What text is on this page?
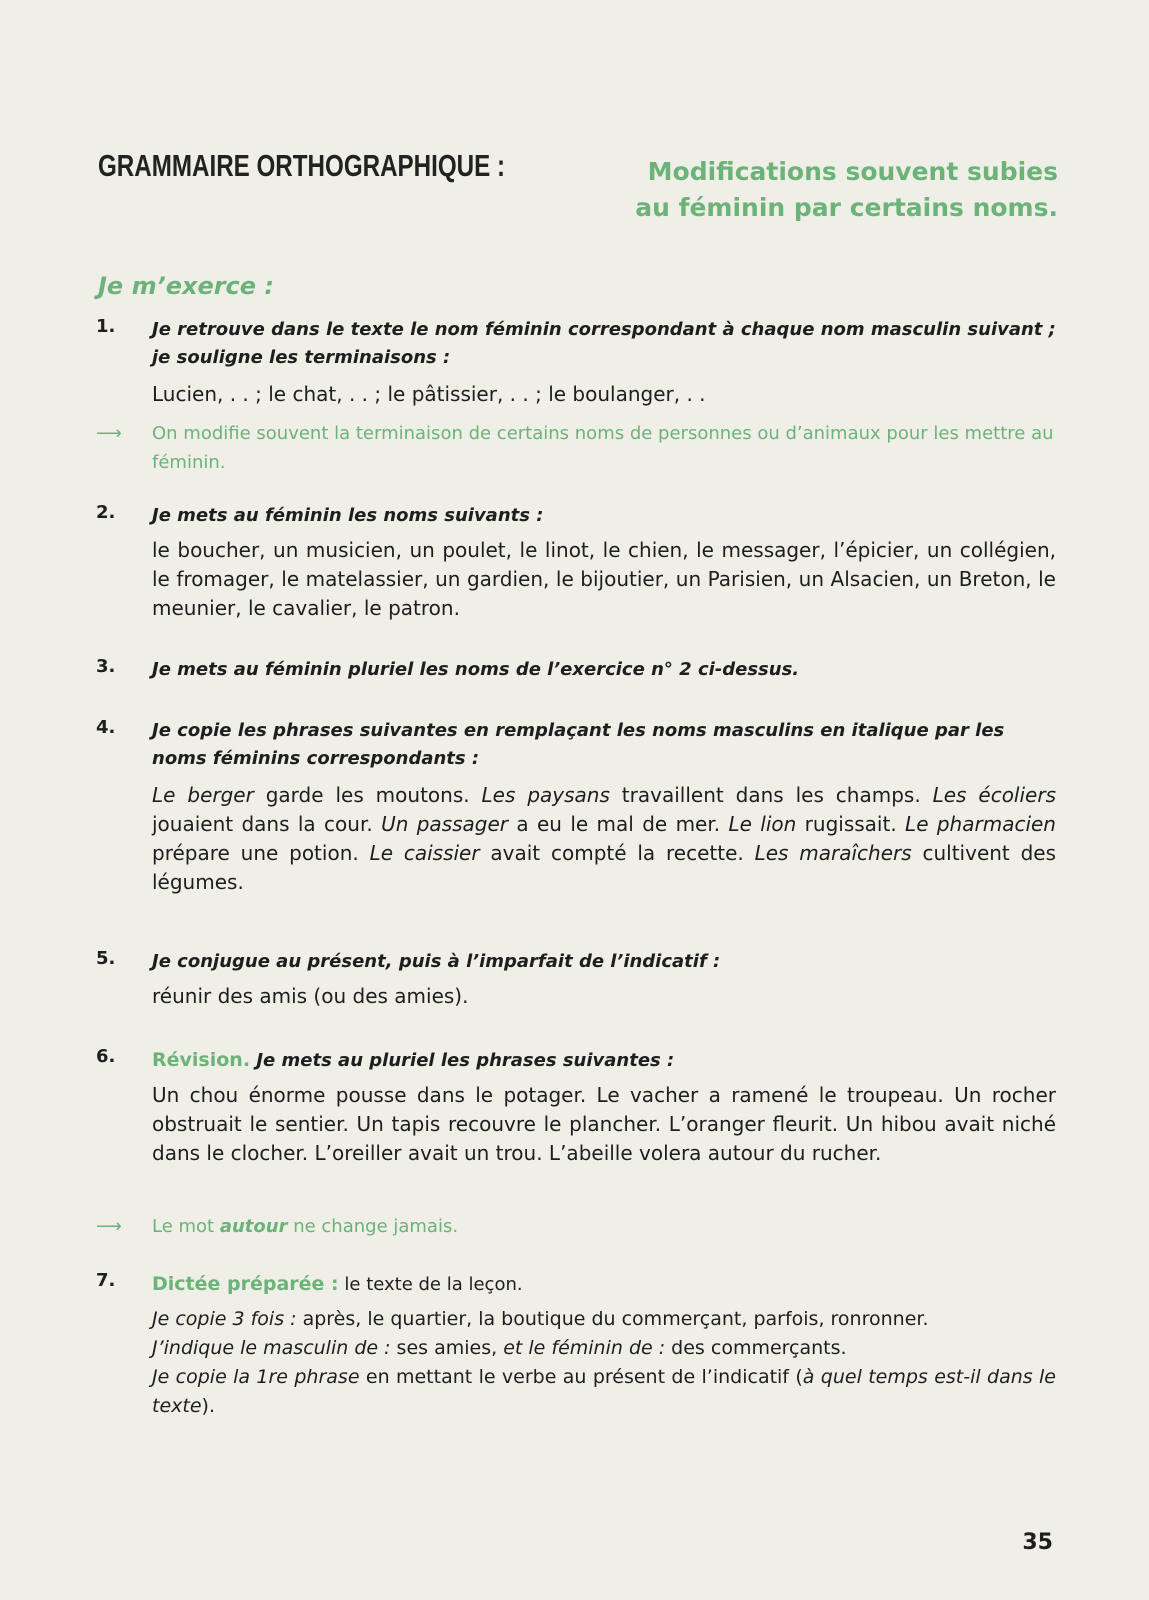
GRAMMAIRE ORTHOGRAPHIQUE :	Modifications souvent subies
au féminin par certains noms.
Je m’exerce :
1. Je retrouve dans le texte le nom féminin correspondant à chaque nom masculin suivant ; je souligne les terminaisons :
Lucien, . . ; le chat, . . ; le pâtissier, . . ; le boulanger, . .
⟶ On modifie souvent la terminaison de certains noms de personnes ou d’animaux pour les mettre au féminin.
2. Je mets au féminin les noms suivants :
le boucher, un musicien, un poulet, le linot, le chien, le messager, l’épicier, un collégien, le fromager, le matelassier, un gardien, le bijoutier, un Parisien, un Alsacien, un Breton, le meunier, le cavalier, le patron.
3. Je mets au féminin pluriel les noms de l’exercice n° 2 ci-dessus.
4. Je copie les phrases suivantes en remplaçant les noms masculins en italique par les noms féminins correspondants :
Le berger garde les moutons. Les paysans travaillent dans les champs. Les écoliers jouaient dans la cour. Un passager a eu le mal de mer. Le lion rugissait. Le pharmacien prépare une potion. Le caissier avait compté la recette. Les maraîchers cultivent des légumes.
5. Je conjugue au présent, puis à l’imparfait de l’indicatif :
réunir des amis (ou des amies).
6. Révision. Je mets au pluriel les phrases suivantes :
Un chou énorme pousse dans le potager. Le vacher a ramené le troupeau. Un rocher obstruait le sentier. Un tapis recouvre le plancher. L’oranger fleurit. Un hibou avait niché dans le clocher. L’oreiller avait un trou. L’abeille volera autour du rucher.
⟶ Le mot autour ne change jamais.
7. Dictée préparée : le texte de la leçon.
Je copie 3 fois : après, le quartier, la boutique du commerçant, parfois, ronronner.
J’indique le masculin de : ses amies, et le féminin de : des commerçants.
Je copie la 1re phrase en mettant le verbe au présent de l’indicatif (à quel temps est-il dans le texte).
35
